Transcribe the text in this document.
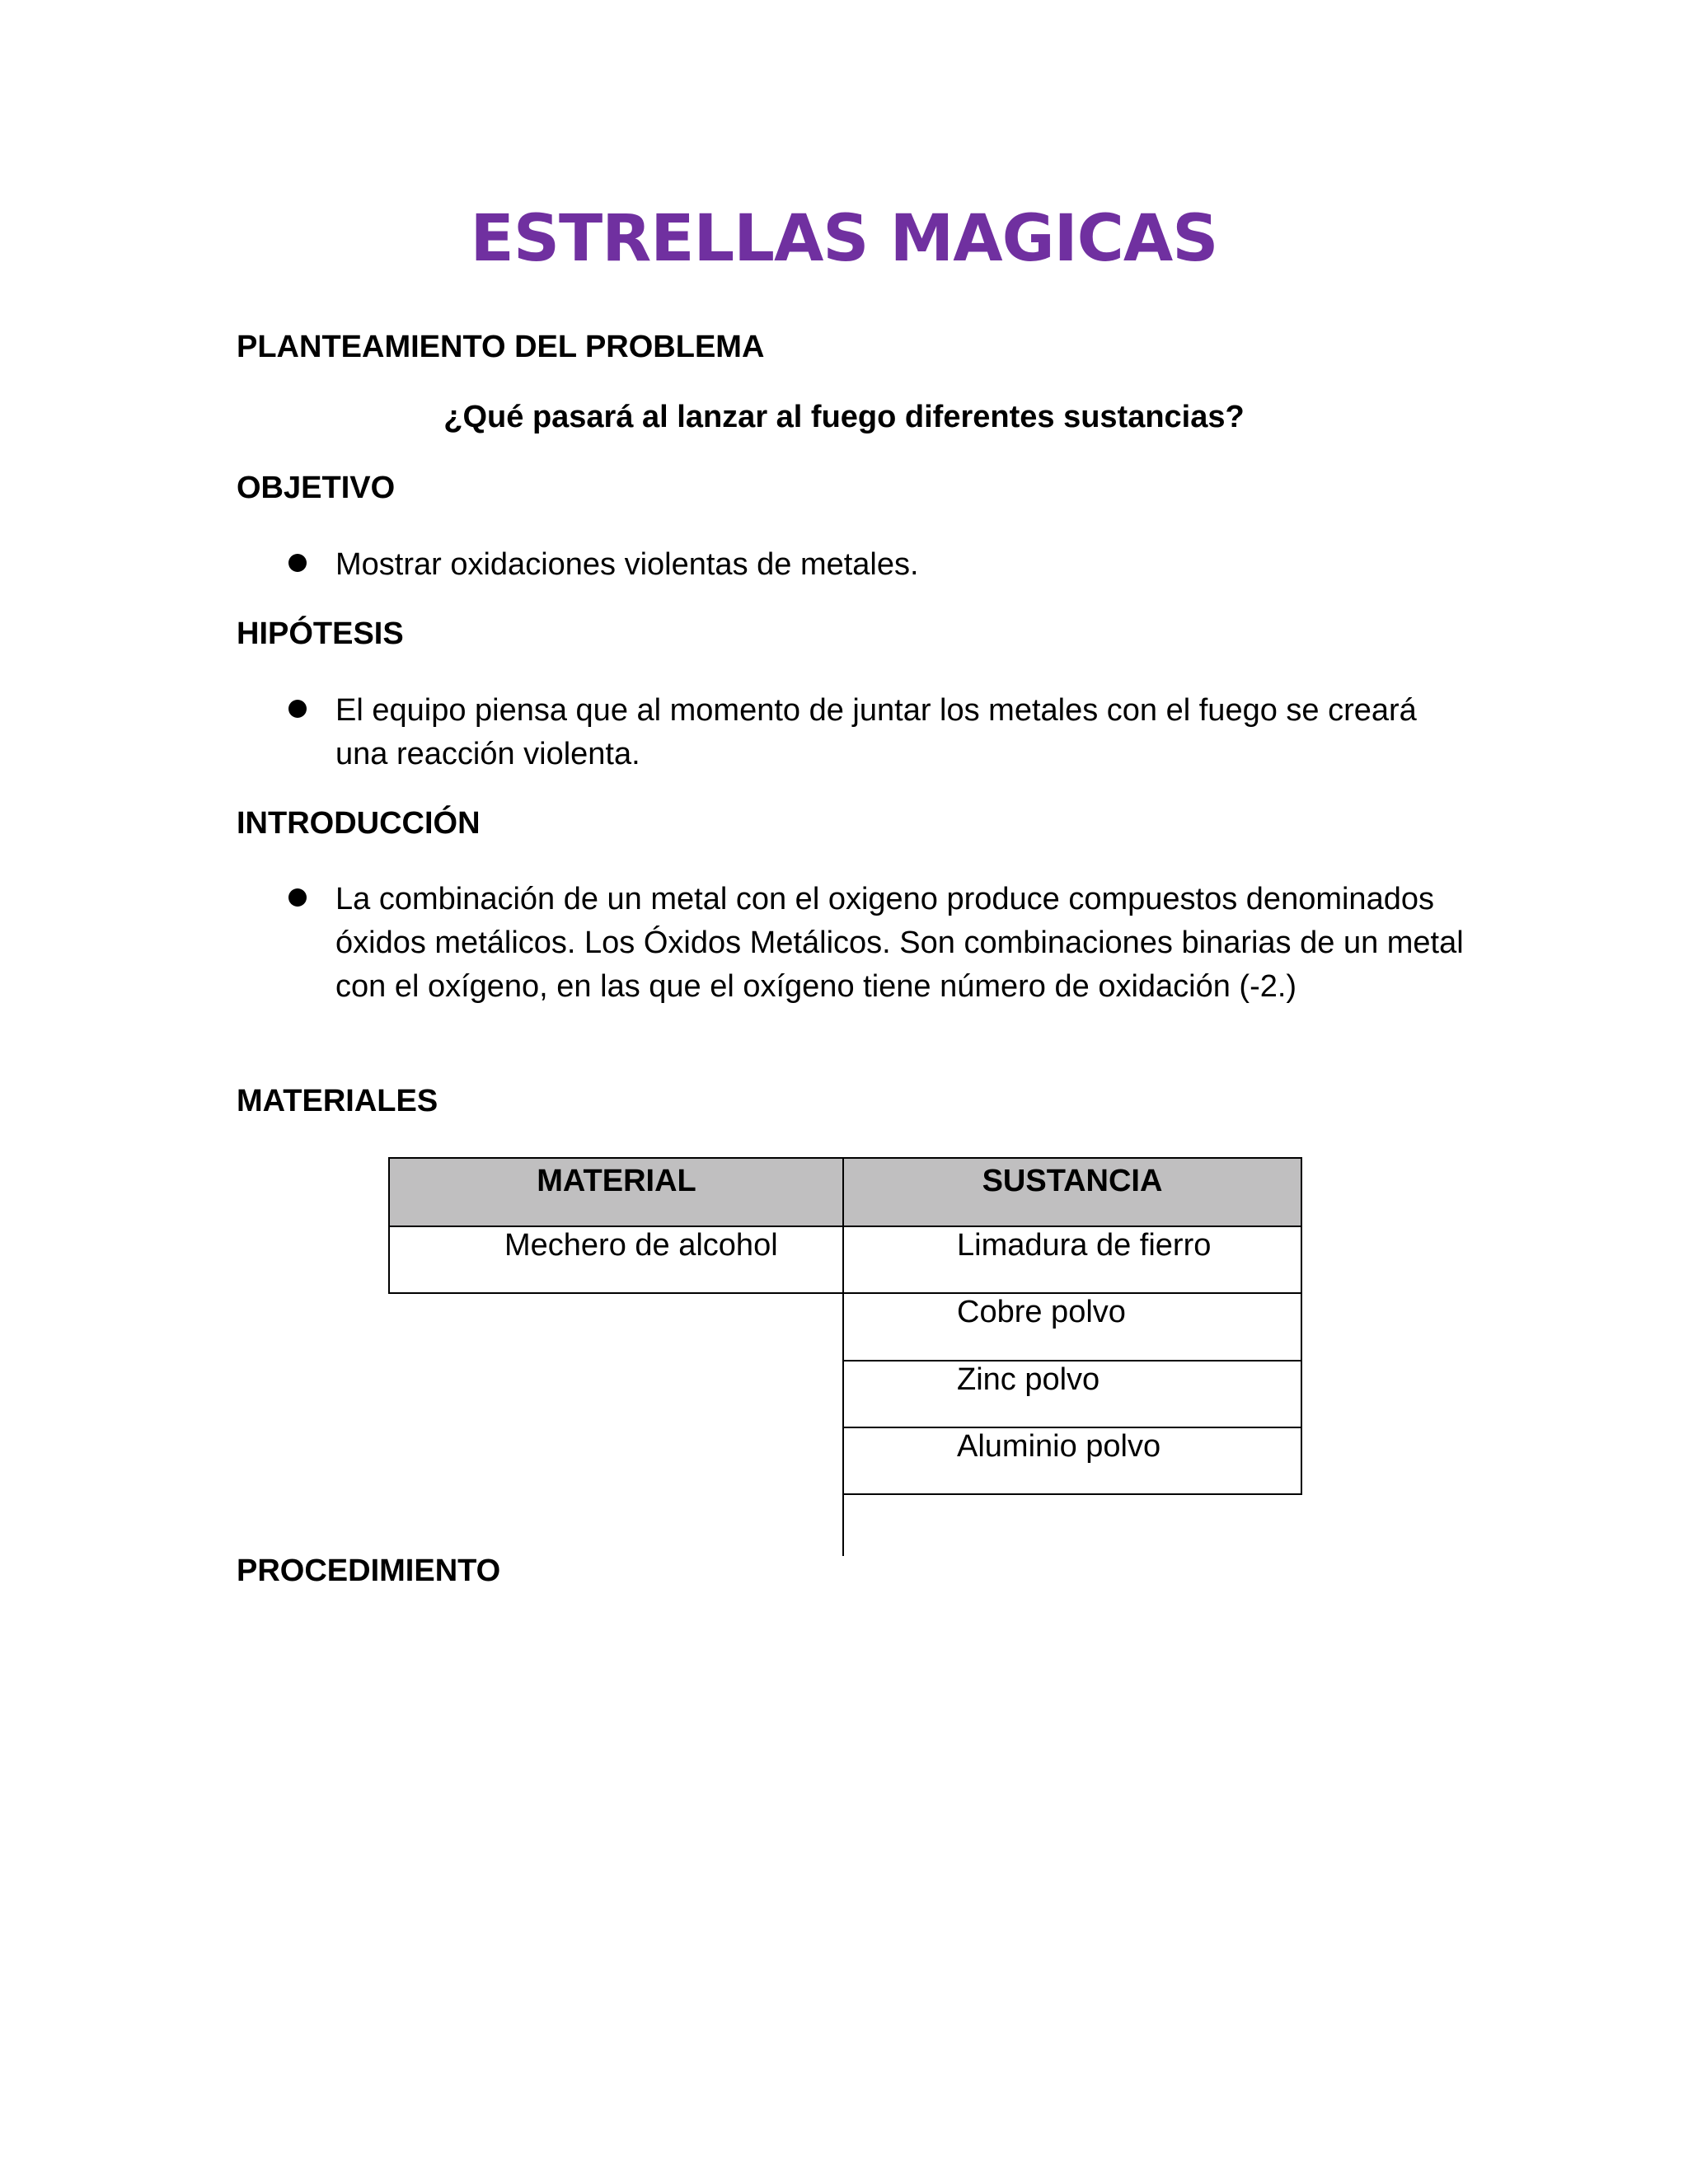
ESTRELLAS MAGICAS
PLANTEAMIENTO DEL PROBLEMA
¿Qué pasará al lanzar al fuego diferentes sustancias?
OBJETIVO
Mostrar oxidaciones violentas de metales.
HIPÓTESIS
El equipo piensa que al momento de juntar los metales con el fuego se creará una reacción violenta.
INTRODUCCIÓN
La combinación de un metal con el oxigeno produce compuestos denominados óxidos metálicos. Los Óxidos Metálicos. Son combinaciones binarias de un metal con el oxígeno, en las que el oxígeno tiene número de oxidación (-2.)
MATERIALES
MATERIAL	SUSTANCIA
Mechero de alcohol	Limadura de fierro
Cobre polvo
Zinc polvo
Aluminio polvo
PROCEDIMIENTO
